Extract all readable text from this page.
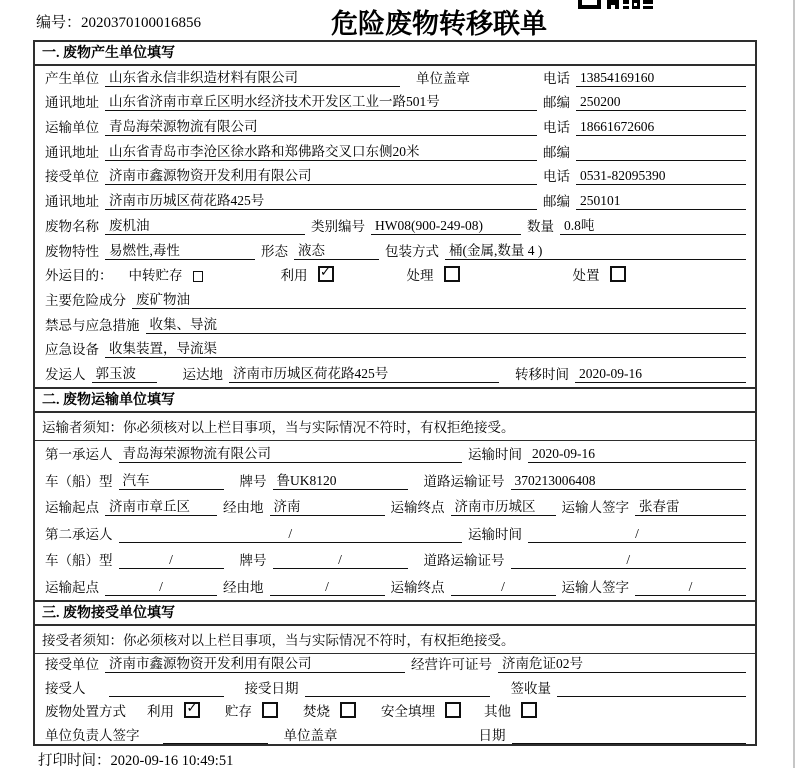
编号：2020370100016856	危险废物转移联单
一. 废物产生单位填写
产生单位 山东省永信非织造材料有限公司	单位盖章	电话 13854169160
通讯地址 山东省济南市章丘区明水经济技术开发区工业一路501号	邮编 250200
运输单位 青岛海荣源物流有限公司	电话 18661672606
通讯地址 山东省青岛市李沧区徐水路和郑佛路交叉口东侧20米	邮编
接受单位 济南市鑫源物资开发利用有限公司	电话 0531-82095390
通讯地址 济南市历城区荷花路425号	邮编 250101
废物名称 废机油	类别编号 HW08(900-249-08)	数量 0.8吨
废物特性 易燃性,毒性	形态 液态	包装方式 桶(金属,数量 4 )
外运目的： 中转贮存	利用 ✓	处理	处置
主要危险成分 废矿物油
禁忌与应急措施 收集、导流
应急设备 收集装置，导流渠
发运人 郭玉波	运达地 济南市历城区荷花路425号	转移时间 2020-09-16
二. 废物运输单位填写
运输者须知：你必须核对以上栏目事项，当与实际情况不符时，有权拒绝接受。
第一承运人 青岛海荣源物流有限公司	运输时间 2020-09-16
车（船）型 汽车	牌号 鲁UK8120	道路运输证号 370213006408
运输起点 济南市章丘区	经由地 济南	运输终点 济南市历城区	运输人签字 张春雷
第二承运人	/	运输时间	/
车（船）型	/	牌号	/	道路运输证号	/
运输起点	/	经由地	/	运输终点	/	运输人签字	/
三. 废物接受单位填写
接受者须知：你必须核对以上栏目事项，当与实际情况不符时，有权拒绝接受。
接受单位 济南市鑫源物资开发利用有限公司	经营许可证号 济南危证02号
接受人	接受日期	签收量
废物处置方式 利用 ✓ 贮存	焚烧	安全填埋	其他
单位负责人签字	单位盖章	日期
打印时间：2020-09-16 10:49:51
